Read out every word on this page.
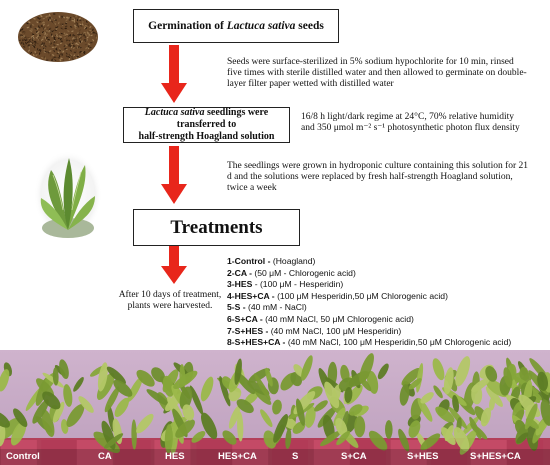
Germination of Lactuca sativa seeds
Seeds were surface-sterilized in 5% sodium hypochlorite for 10 min, rinsed five times with sterile distilled water and then allowed to germinate on double-layer filter paper wetted with distilled water
Lactuca sativa seedlings were transferred to
half-strength Hoagland solution
16/8 h light/dark regime at 24°C, 70% relative humidity and 350 μmol m⁻² s⁻¹ photosynthetic photon flux density
The seedlings were grown in hydroponic culture containing this solution for 21 d and the solutions were replaced by fresh half-strength Hoagland solution, twice a week
Treatments
After 10 days of treatment, plants were harvested.
1-Control - (Hoagland)
2-CA - (50 μM - Chlorogenic acid)
3-HES - (100 μM - Hesperidin)
4-HES+CA - (100 μM Hesperidin,50 μM Chlorogenic acid)
5-S - (40 mM - NaCl)
6-S+CA - (40 mM NaCl, 50 μM Chlorogenic acid)
7-S+HES - (40 mM NaCl, 100 μM Hesperidin)
8-S+HES+CA - (40 mM NaCl, 100 μM Hesperidin,50 μM Chlorogenic acid)
Control	CA	HES	HES+CA	S	S+CA	S+HES	S+HES+CA
